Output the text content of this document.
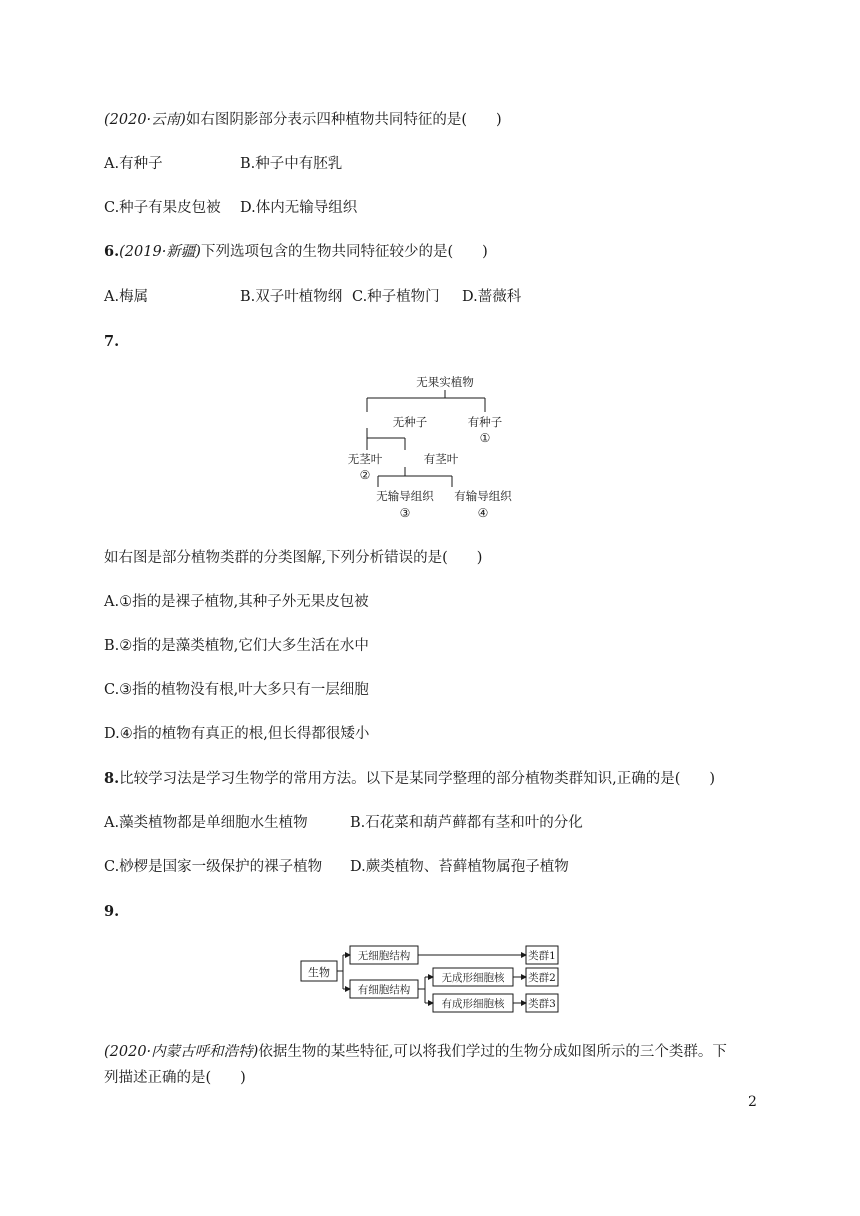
(2020·云南)如右图阴影部分表示四种植物共同特征的是(　　)
A.有种子	B.种子中有胚乳
C.种子有果皮包被 D.体内无输导组织
6.(2019·新疆)下列选项包含的生物共同特征较少的是(　　)
A.梅属	B.双子叶植物纲 C.种子植物门 D.蔷薇科
7.
无果实植物
无种子	有种子
①
无茎叶
②
有茎叶
无输导组织
③
有输导组织
④
如右图是部分植物类群的分类图解,下列分析错误的是(　　)
A.①指的是裸子植物,其种子外无果皮包被
B.②指的是藻类植物,它们大多生活在水中
C.③指的植物没有根,叶大多只有一层细胞
D.④指的植物有真正的根,但长得都很矮小
8.比较学习法是学习生物学的常用方法。以下是某同学整理的部分植物类群知识,正确的是(　　)
A.藻类植物都是单细胞水生植物	B.石花菜和葫芦藓都有茎和叶的分化
C.桫椤是国家一级保护的裸子植物 D.蕨类植物、苔藓植物属孢子植物
9.
生物
无细胞结构
有细胞结构
无成形细胞核
有成形细胞核
类群1
类群2
类群3
(2020·内蒙古呼和浩特)依据生物的某些特征,可以将我们学过的生物分成如图所示的三个类群。下
列描述正确的是(　　)
2
